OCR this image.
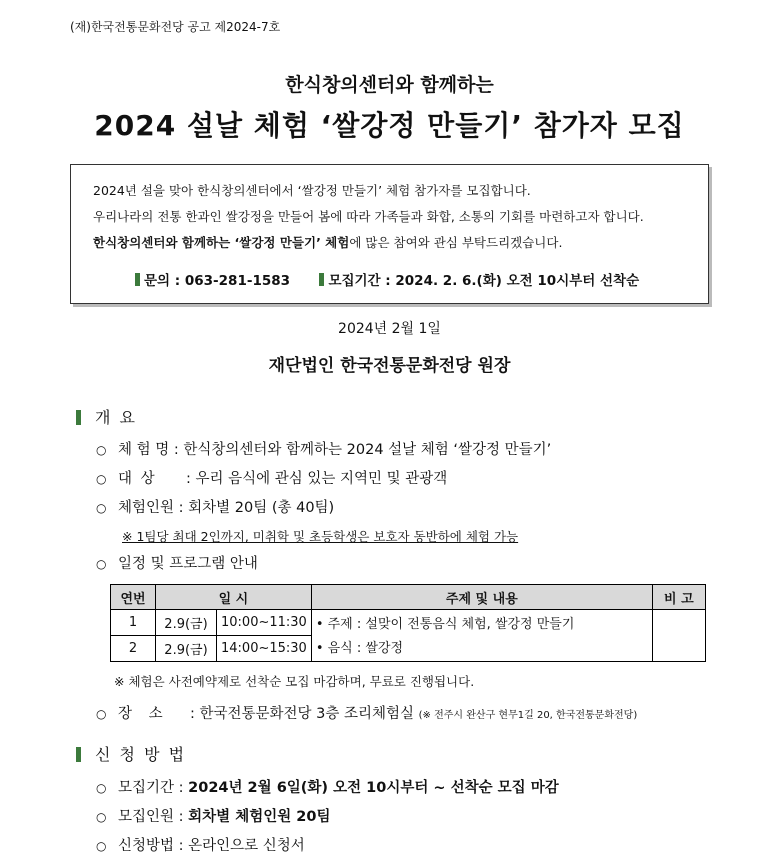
(재)한국전통문화전당 공고 제2024-7호
한식창의센터와 함께하는
2024 설날 체험 ‘쌀강정 만들기’ 참가자 모집
2024년 설을 맞아 한식창의센터에서 ‘쌀강정 만들기’ 체험 참가자를 모집합니다.
우리나라의 전통 한과인 쌀강정을 만들어 봄에 따라 가족들과 화합, 소통의 기회를 마련하고자 합니다.
한식창의센터와 함께하는 ‘쌀강정 만들기’ 체험에 많은 참여와 관심 부탁드리겠습니다.
문의 : 063-281-1583	모집기간 : 2024. 2. 6.(화) 오전 10시부터 선착순
2024년 2월 1일
재단법인 한국전통문화전당 원장
개 요
○ 체 험 명 : 한식창의센터와 함께하는 2024 설날 체험 ‘쌀강정 만들기’
○ 대 상 : 우리 음식에 관심 있는 지역민 및 관광객
○ 체험인원 : 회차별 20팀 (총 40팀)
※ 1팀당 최대 2인까지, 미취학 및 초등학생은 보호자 동반하에 체험 가능
○ 일정 및 프로그램 안내
연번	일 시		주제 및 내용	비 고
1	2.9(금)	10:00~11:30	• 주제 : 설맞이 전통음식 체험, 쌀강정 만들기
• 음식 : 쌀강정	

2	2.9(금)	14:00~15:30		
※ 체험은 사전예약제로 선착순 모집 마감하며, 무료로 진행됩니다.
○ 장 소 : 한국전통문화전당 3층 조리체험실 (※ 전주시 완산구 현무1길 20, 한국전통문화전당)
신 청 방 법
○ 모집기간 : 2024년 2월 6일(화) 오전 10시부터 ~ 선착순 모집 마감
○ 모집인원 : 회차별 체험인원 20팀
○ 신청방법 : 온라인으로 신청서
